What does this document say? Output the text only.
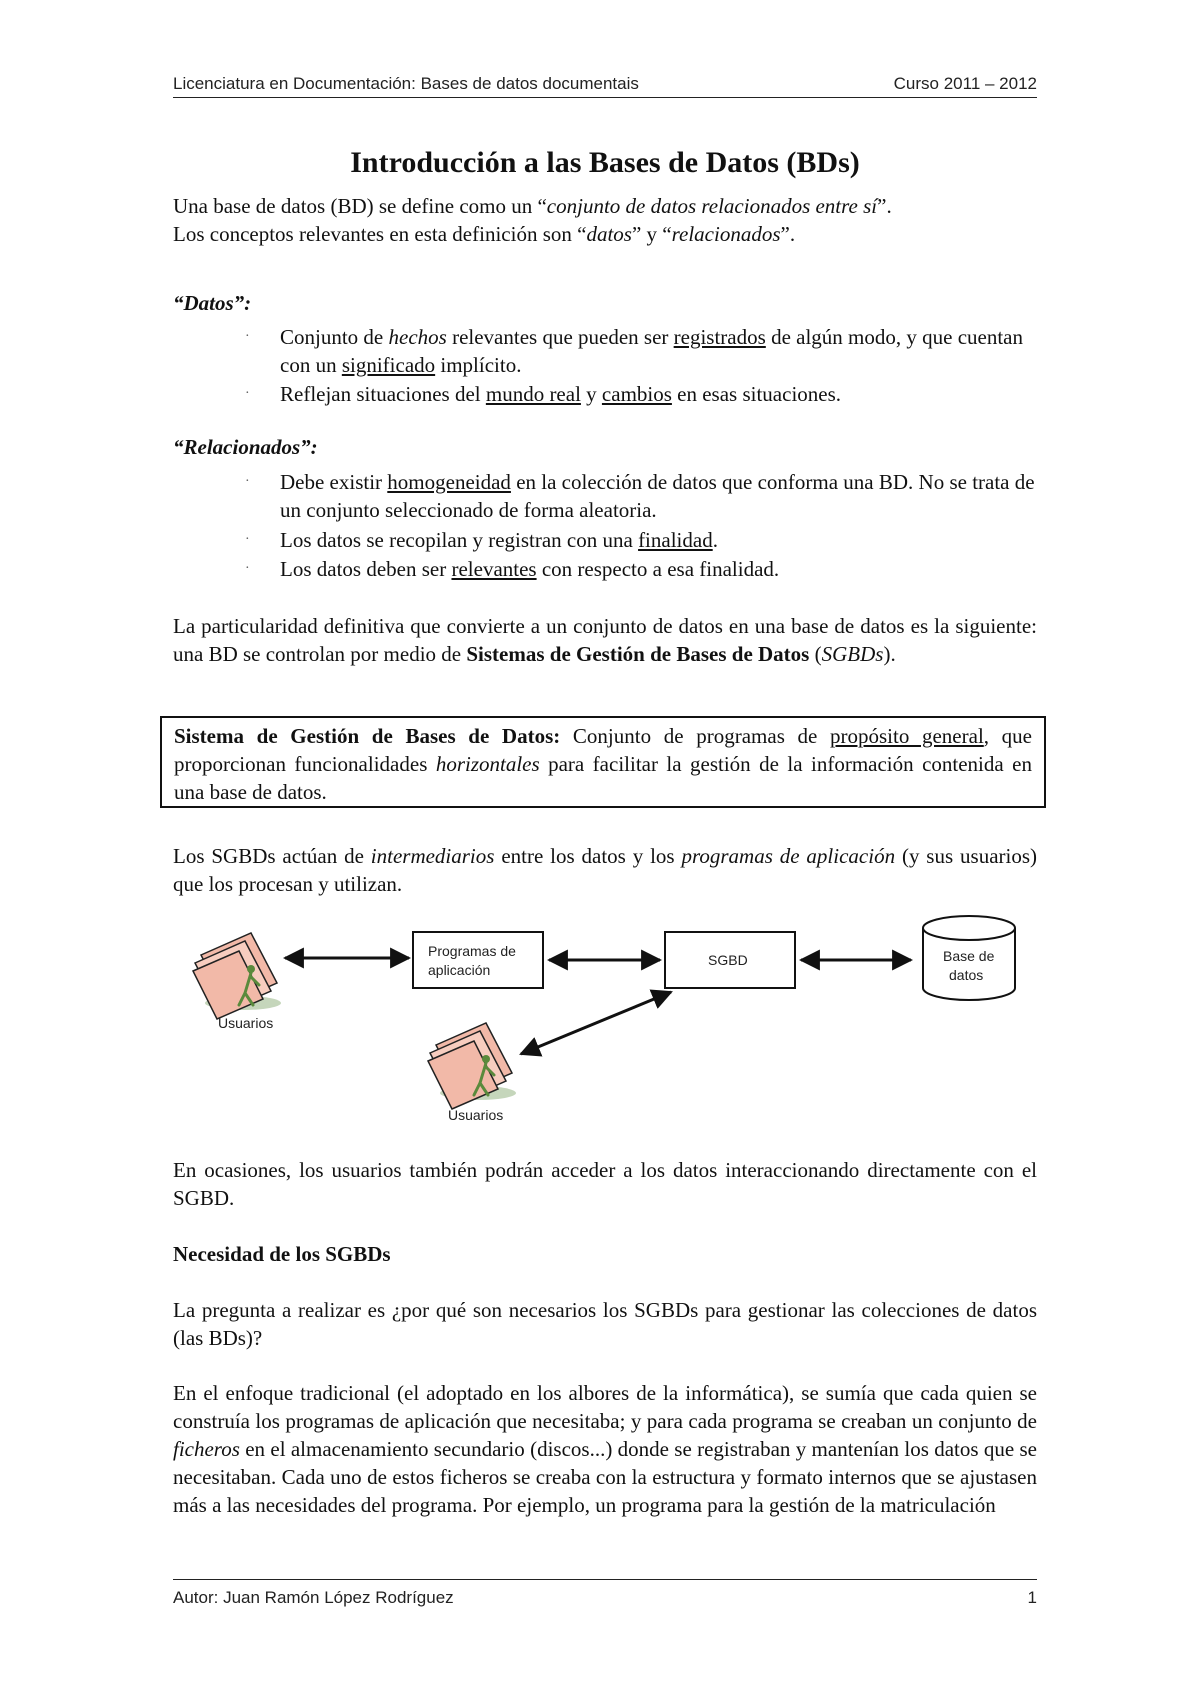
Licenciatura en Documentación: Bases de datos documentais	Curso 2011 – 2012
Introducción a las Bases de Datos (BDs)

Una base de datos (BD) se define como un “conjunto de datos relacionados entre sí”.
Los conceptos relevantes en esta definición son “datos” y “relacionados”.

“Datos”:

·	Conjunto de hechos relevantes que pueden ser registrados de algún modo, y que cuentan con un significado implícito.

·	Reflejan situaciones del mundo real y cambios en esas situaciones.

“Relacionados”:

·	Debe existir homogeneidad en la colección de datos que conforma una BD. No se trata de un conjunto seleccionado de forma aleatoria.

·	Los datos se recopilan y registran con una finalidad.

·	Los datos deben ser relevantes con respecto a esa finalidad.

La particularidad definitiva que convierte a un conjunto de datos en una base de datos es la siguiente: una BD se controlan por medio de Sistemas de Gestión de Bases de Datos (SGBDs).

Sistema de Gestión de Bases de Datos: Conjunto de programas de propósito general, que proporcionan funcionalidades horizontales para facilitar la gestión de la información contenida en una base de datos.

Los SGBDs actúan de intermediarios entre los datos y los programas de aplicación (y sus usuarios) que los procesan y utilizan.

Usuarios
Programas de
aplicación
SGBD	Base de
datos
Usuarios

En ocasiones, los usuarios también podrán acceder a los datos interaccionando directamente con el SGBD.

Necesidad de los SGBDs

La pregunta a realizar es ¿por qué son necesarios los SGBDs para gestionar las colecciones de datos (las BDs)?

En el enfoque tradicional (el adoptado en los albores de la informática), se sumía que cada quien se construía los programas de aplicación que necesitaba; y para cada programa se creaban un conjunto de ficheros en el almacenamiento secundario (discos...) donde se registraban y mantenían los datos que se necesitaban. Cada uno de estos ficheros se creaba con la estructura y formato internos que se ajustasen más a las necesidades del programa. Por ejemplo, un programa para la gestión de la matriculación

Autor: Juan Ramón López Rodríguez	1
